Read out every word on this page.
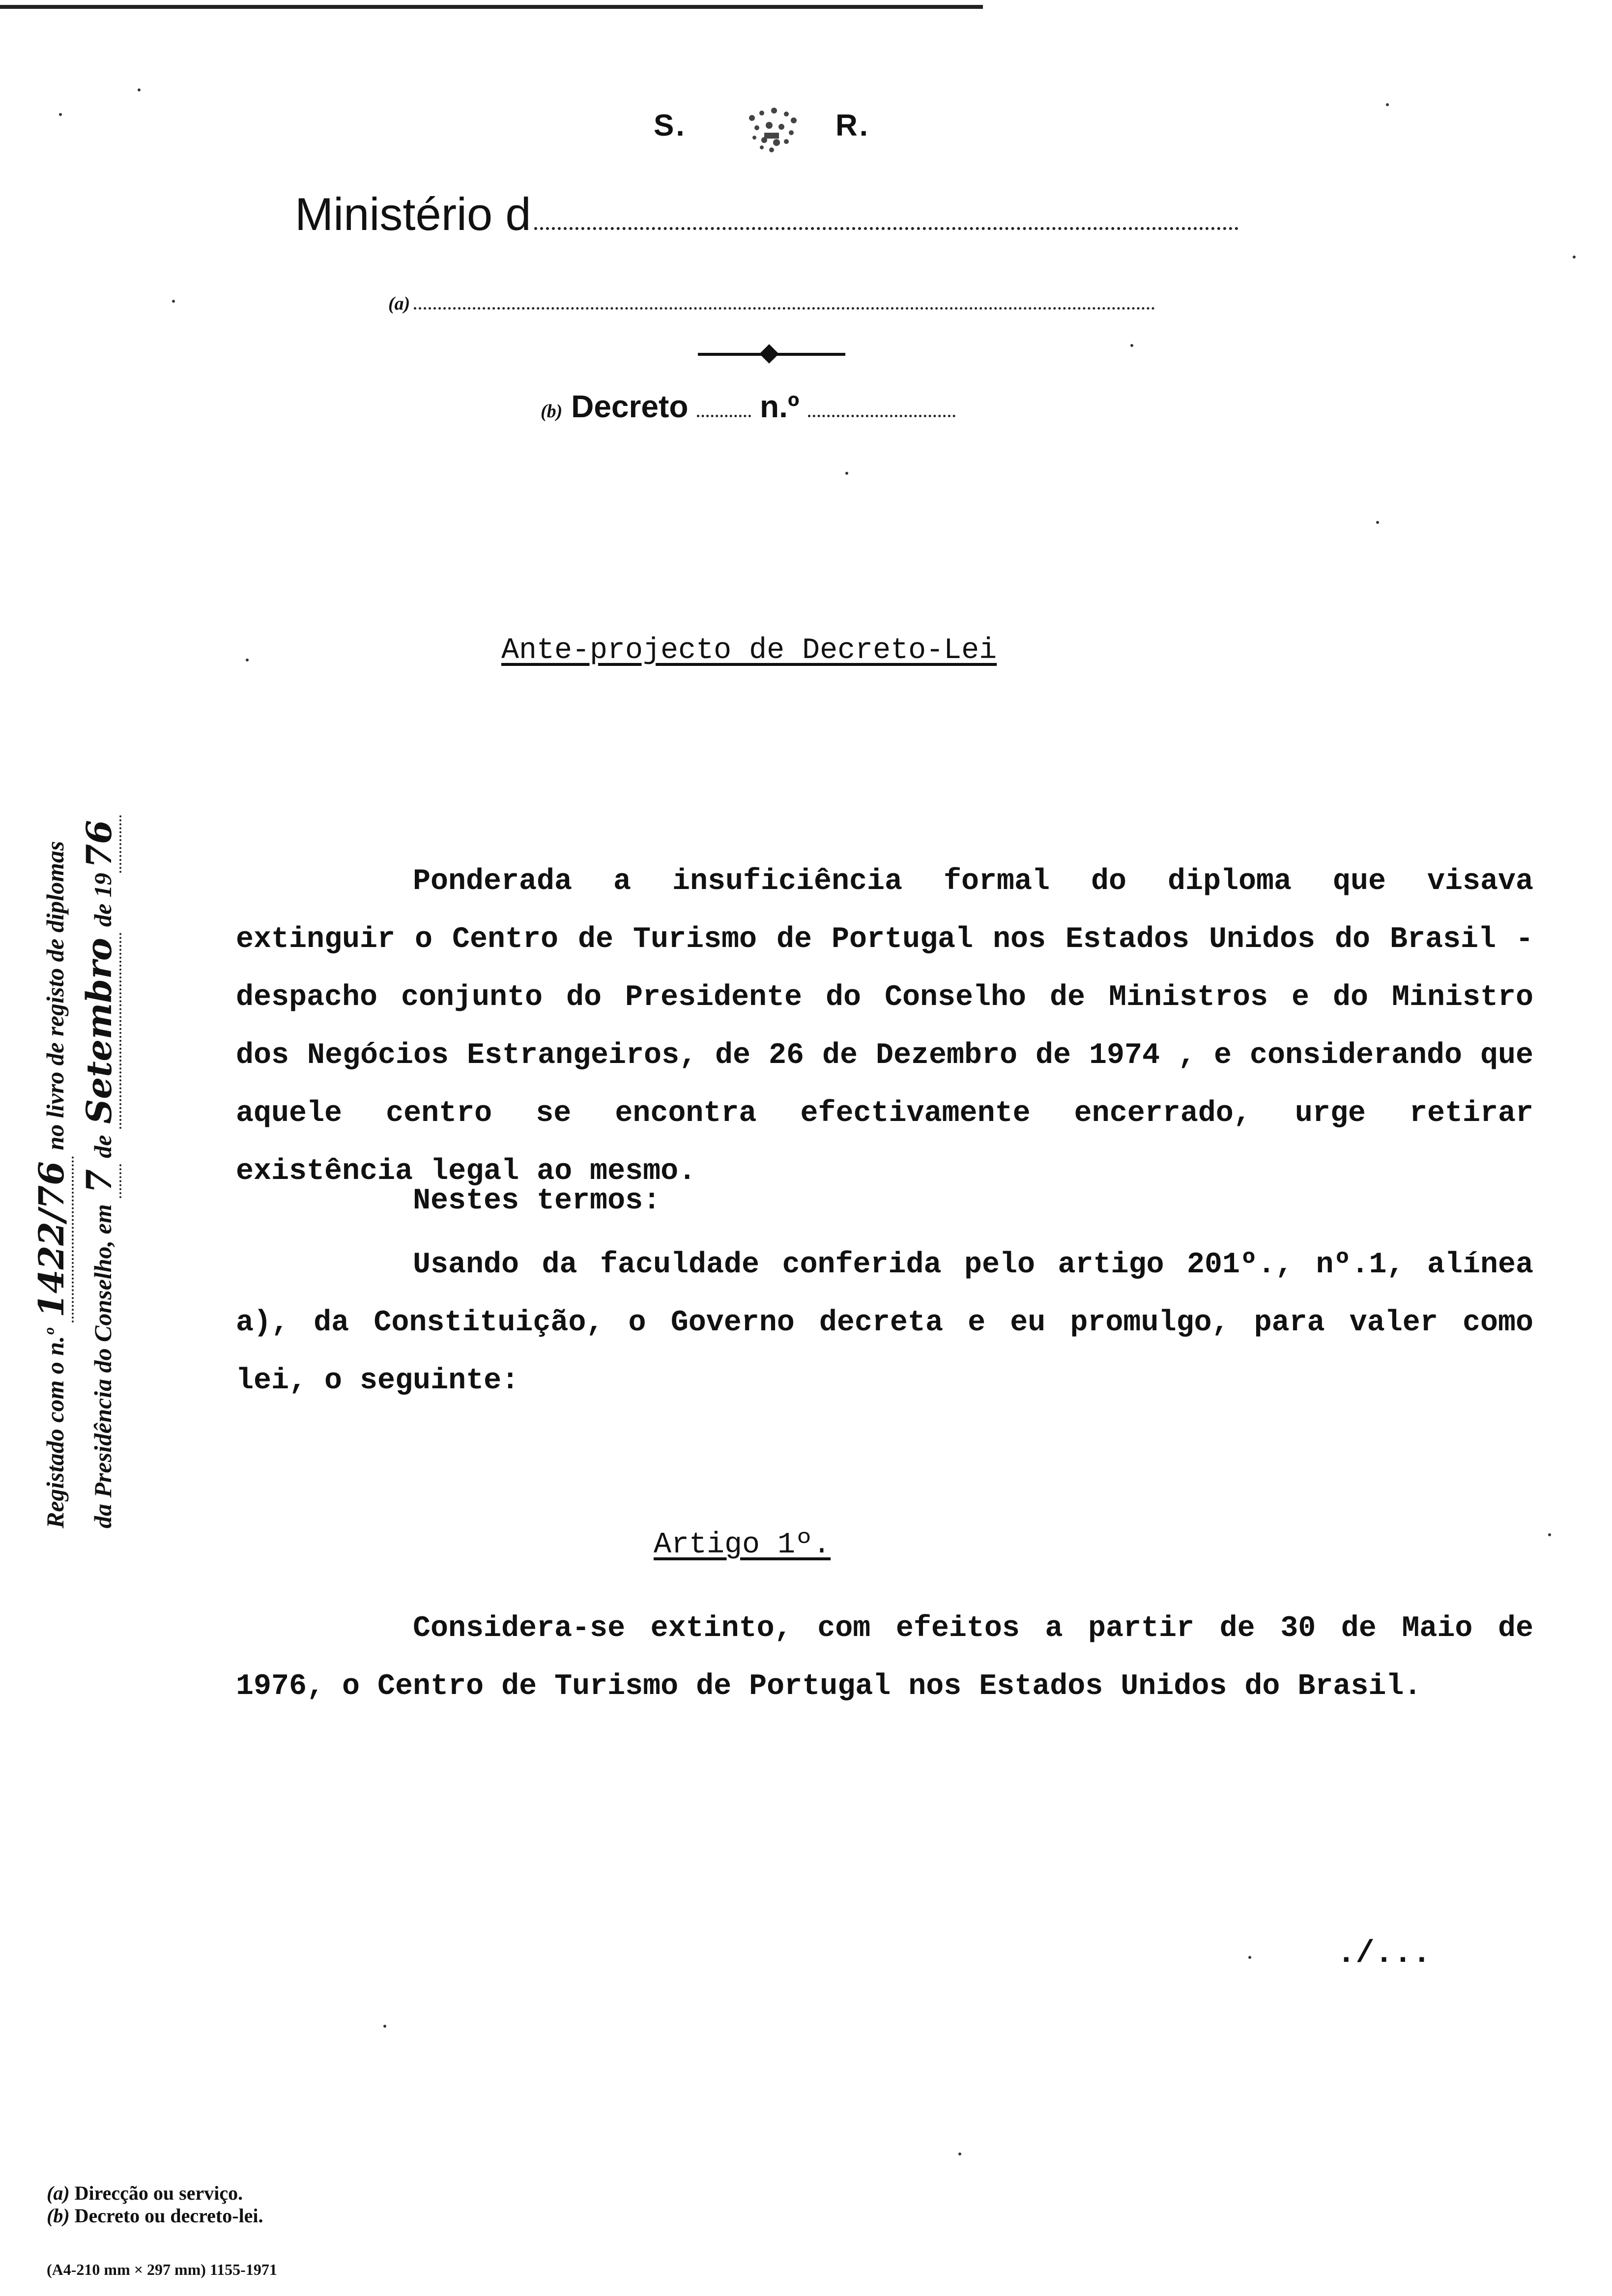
S.	R.
Ministério d
(a)
(b) Decreto n.º
Registado com o n.º 1422/76 no livro de registo de diplomas
da Presidência do Conselho, em 7 de Setembro de 1976
Ante-projecto de Decreto-Lei
Ponderada a insuficiência formal do diploma que visava extinguir o Centro de Turismo de Portugal nos Estados Unidos do Brasil - despacho conjunto do Presidente do Conselho de Ministros e do Ministro dos Negócios Estrangeiros, de 26 de Dezembro de 1974 , e considerando que aquele centro se encontra efectivamente encerrado, urge retirar existência legal ao mesmo.
Nestes termos:
Usando da faculdade conferida pelo artigo 201º., nº.1, alínea a), da Constituição, o Governo decreta e eu promulgo, para valer como lei, o seguinte:
Artigo 1º.
Considera-se extinto, com efeitos a partir de 30 de Maio de 1976, o Centro de Turismo de Portugal nos Estados Unidos do Brasil.
./...
(a) Direcção ou serviço.
(b) Decreto ou decreto-lei.
(A4-210 mm × 297 mm) 1155-1971
